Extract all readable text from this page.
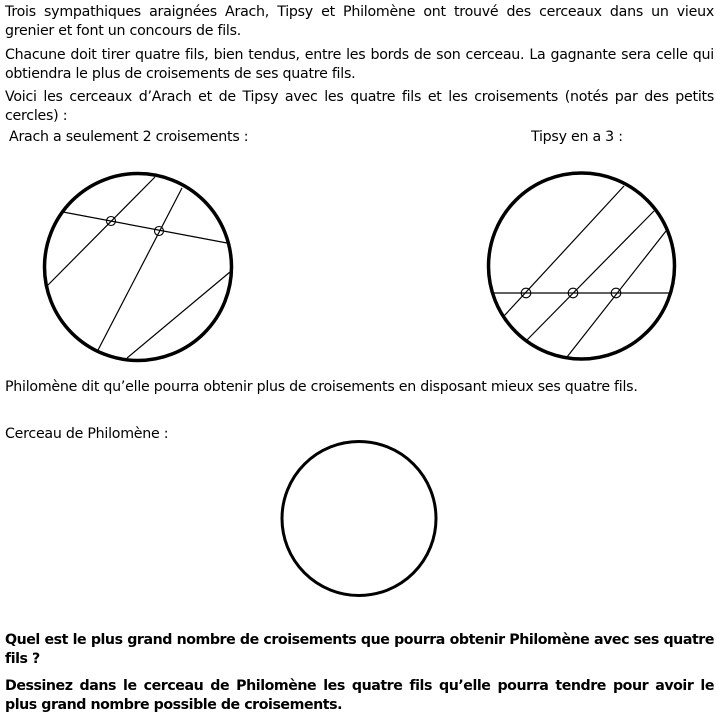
Trois sympathiques araignées Arach, Tipsy et Philomène ont trouvé des cerceaux dans un vieux grenier et font un concours de fils.

Chacune doit tirer quatre fils, bien tendus, entre les bords de son cerceau. La gagnante sera celle qui obtiendra le plus de croisements de ses quatre fils.

Voici les cerceaux d’Arach et de Tipsy avec les quatre fils et les croisements (notés par des petits cercles) :

Arach a seulement 2 croisements :	Tipsy en a 3 :

Philomène dit qu’elle pourra obtenir plus de croisements en disposant mieux ses quatre fils.

Cerceau de Philomène :

Quel est le plus grand nombre de croisements que pourra obtenir Philomène avec ses quatre fils ?

Dessinez dans le cerceau de Philomène les quatre fils qu’elle pourra tendre pour avoir le plus grand nombre possible de croisements.
